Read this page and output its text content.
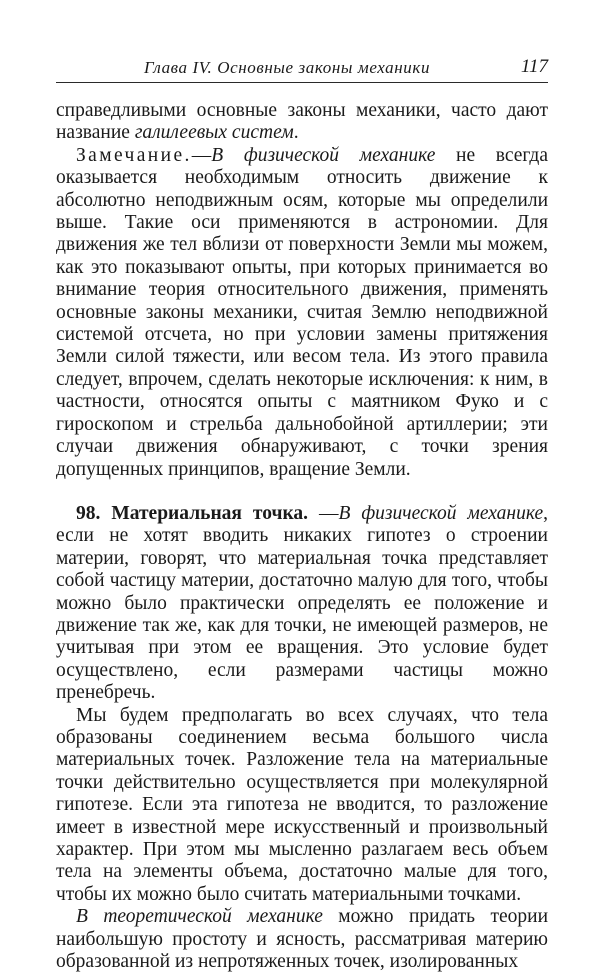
Глава IV. Основные законы механики	117

справедливыми основные законы механики, часто дают название галилеевых систем.

Замечание.—В физической механике не всегда оказывается необходимым относить движение к абсолютно неподвижным осям, которые мы определили выше. Такие оси применяются в астрономии. Для движения же тел вблизи от поверхности Земли мы можем, как это показывают опыты, при которых принимается во внимание теория относительного движения, применять основные законы механики, считая Землю неподвижной системой отсчета, но при условии замены притяжения Земли силой тяжести, или весом тела. Из этого правила следует, впрочем, сделать некоторые исключения: к ним, в частности, относятся опыты с маятником Фуко и с гироскопом и стрельба дальнобойной артиллерии; эти случаи движения обнаруживают, с точки зрения допущенных принципов, вращение Земли.

98. Материальная точка. —В физической механике, если не хотят вводить никаких гипотез о строении материи, говорят, что материальная точка представляет собой частицу материи, достаточно малую для того, чтобы можно было практически определять ее положение и движение так же, как для точки, не имеющей размеров, не учитывая при этом ее вращения. Это условие будет осуществлено, если размерами частицы можно пренебречь.

Мы будем предполагать во всех случаях, что тела образованы соединением весьма большого числа материальных точек. Разложение тела на материальные точки действительно осуществляется при молекулярной гипотезе. Если эта гипотеза не вводится, то разложение имеет в известной мере искусственный и произвольный характер. При этом мы мысленно разлагаем весь объем тела на элементы объема, достаточно малые для того, чтобы их можно было считать материальными точками.

В теоретической механике можно придать теории наибольшую простоту и ясность, рассматривая материю образованной из непротяженных точек, изолированных
